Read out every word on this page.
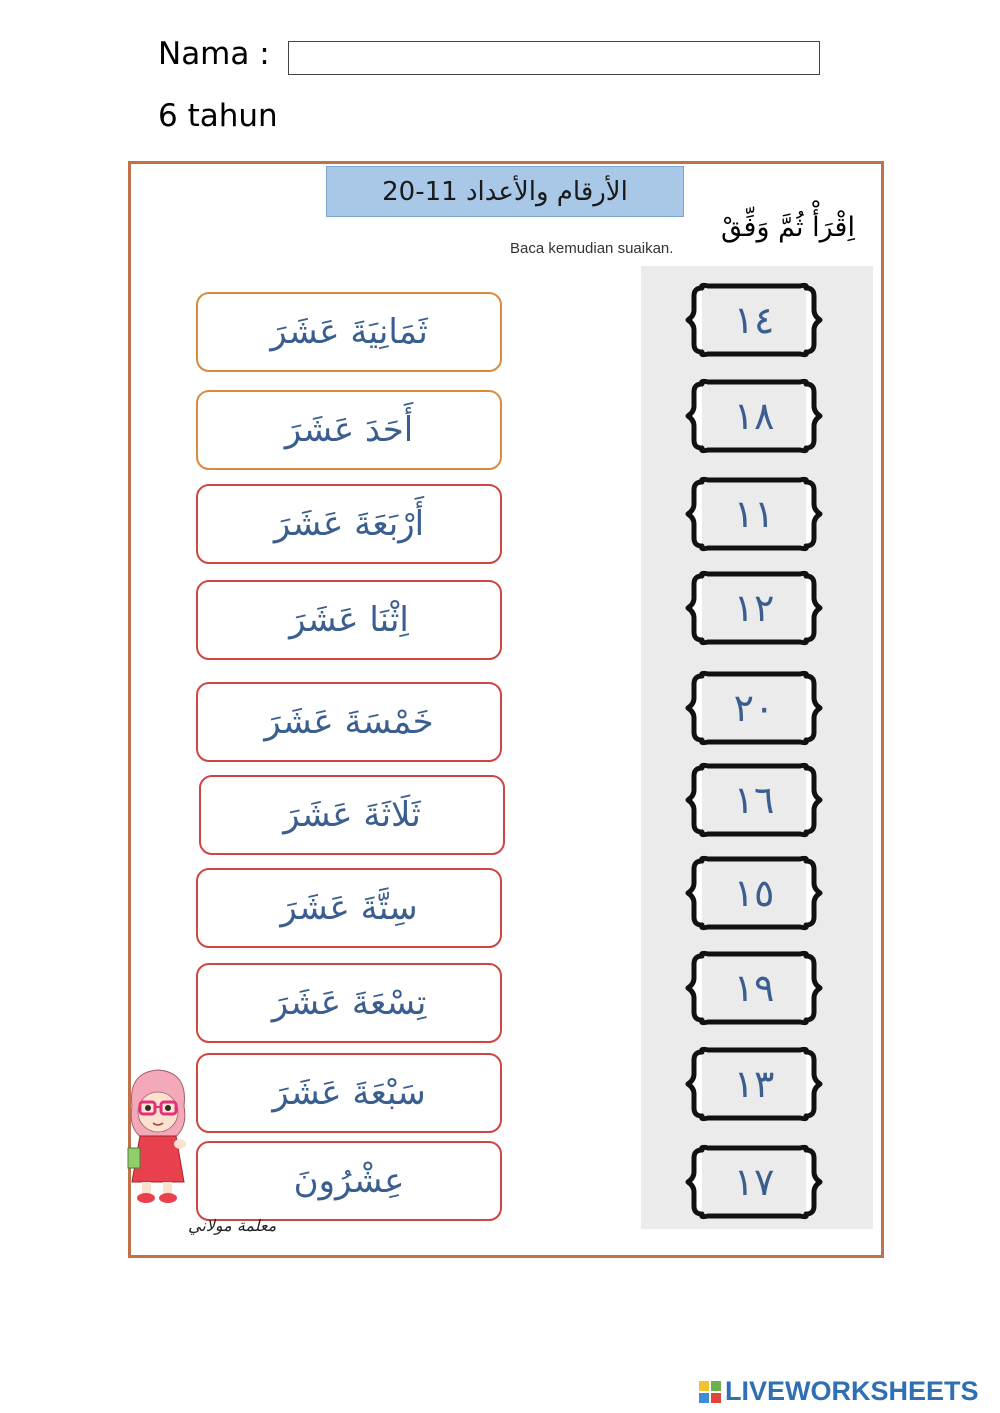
Nama :
6 tahun
الأرقام والأعداد 11-20
اِقْرَأْ ثُمَّ وَفِّقْ
Baca kemudian suaikan.
ثَمَانِيَةَ عَشَرَ
أَحَدَ عَشَرَ
أَرْبَعَةَ عَشَرَ
اِثْنَا عَشَرَ
خَمْسَةَ عَشَرَ
ثَلَاثَةَ عَشَرَ
سِتَّةَ عَشَرَ
تِسْعَةَ عَشَرَ
سَبْعَةَ عَشَرَ
عِشْرُونَ
١٤
١٨
١١
١٢
٢٠
١٦
١٥
١٩
١٣
١٧
معلمة مولاني
LIVEWORKSHEETS
